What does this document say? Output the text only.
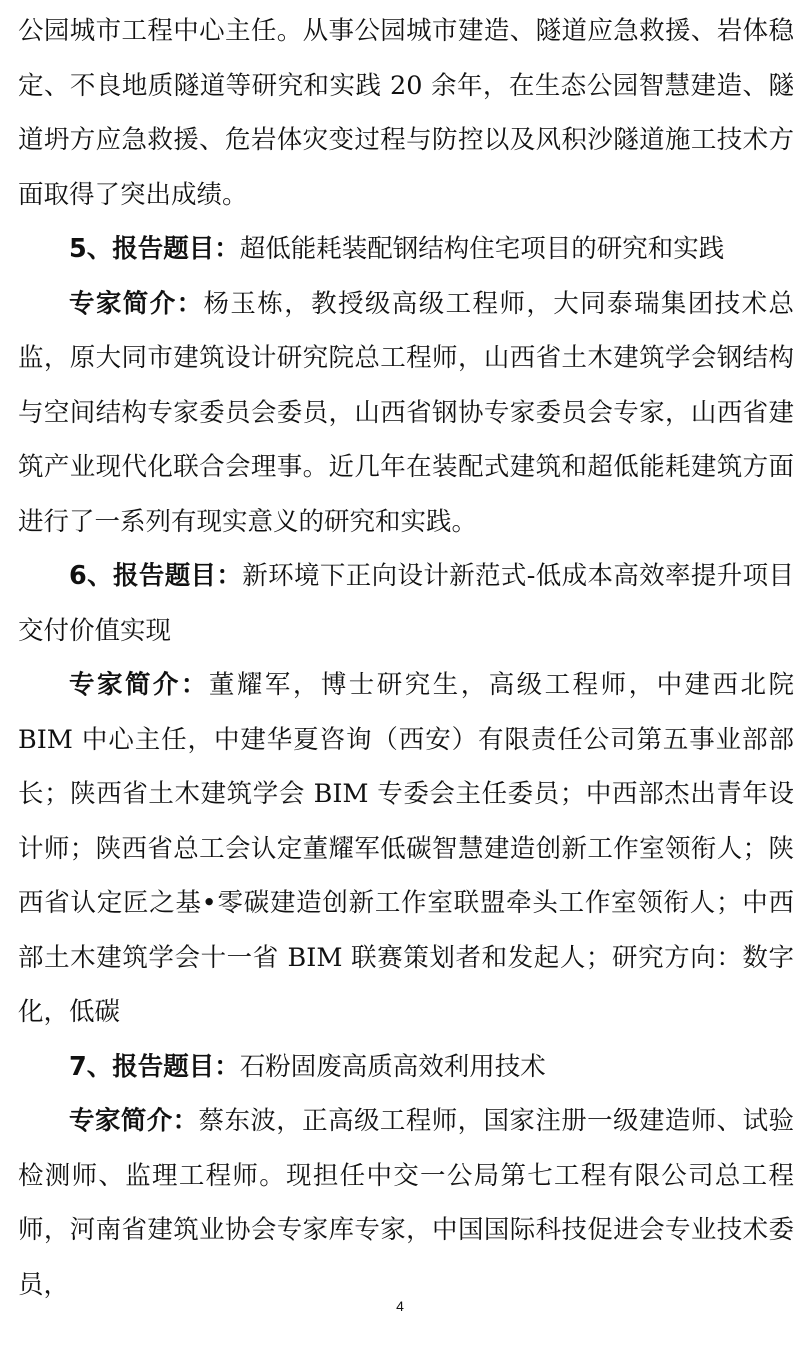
公园城市工程中心主任。从事公园城市建造、隧道应急救援、岩体稳定、不良地质隧道等研究和实践 20 余年，在生态公园智慧建造、隧道坍方应急救援、危岩体灾变过程与防控以及风积沙隧道施工技术方面取得了突出成绩。

5、报告题目：超低能耗装配钢结构住宅项目的研究和实践

专家简介：杨玉栋，教授级高级工程师，大同泰瑞集团技术总监，原大同市建筑设计研究院总工程师，山西省土木建筑学会钢结构与空间结构专家委员会委员，山西省钢协专家委员会专家，山西省建筑产业现代化联合会理事。近几年在装配式建筑和超低能耗建筑方面进行了一系列有现实意义的研究和实践。

6、报告题目：新环境下正向设计新范式-低成本高效率提升项目交付价值实现

专家简介：董耀军，博士研究生，高级工程师，中建西北院 BIM 中心主任，中建华夏咨询（西安）有限责任公司第五事业部部长；陕西省土木建筑学会 BIM 专委会主任委员；中西部杰出青年设计师；陕西省总工会认定董耀军低碳智慧建造创新工作室领衔人；陕西省认定匠之基•零碳建造创新工作室联盟牵头工作室领衔人；中西部土木建筑学会十一省 BIM 联赛策划者和发起人；研究方向：数字化，低碳

7、报告题目：石粉固废高质高效利用技术

专家简介：蔡东波，正高级工程师，国家注册一级建造师、试验检测师、监理工程师。现担任中交一公局第七工程有限公司总工程师，河南省建筑业协会专家库专家，中国国际科技促进会专业技术委员，

4
